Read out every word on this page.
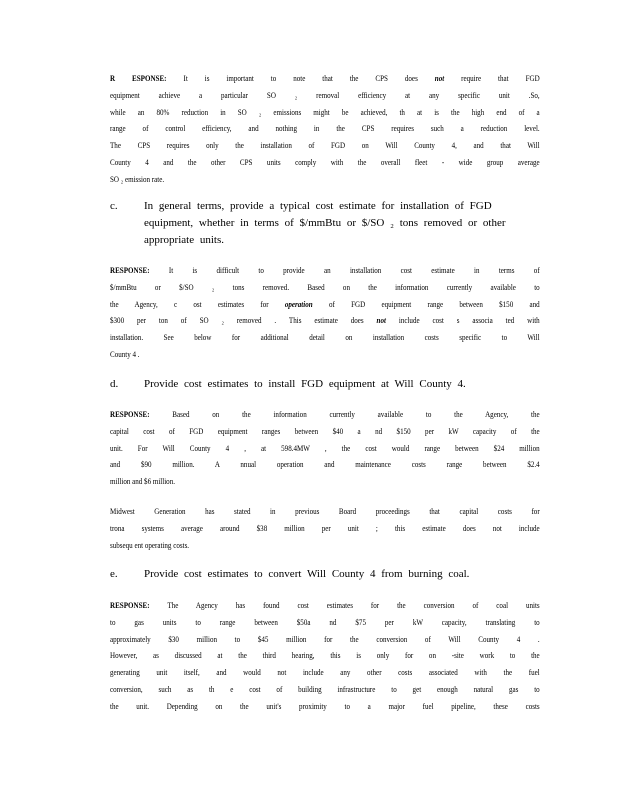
R ESPONSE: It is important to note that the CPS does not require that FGD
equipment achieve a particular SO ₂ removal efficiency at any specific unit .So,
while an 80% reduction in SO ₂ emissions might be achieved, th at is the high end of a
range of control efficiency, and nothing in the CPS requires such a reduction level.
The CPS requires only the installation of FGD on Will County 4, and that Will
County 4 and the other CPS units comply with the overall fleet - wide group average
SO ₂ emission rate.
c. In general terms, provide a typical cost estimate for installation of FGD
equipment, whether in terms of $/mmBtu or $/SO ₂ tons removed or other
appropriate units.
RESPONSE: It is difficult to provide an installation cost estimate in terms of
$/mmBtu or $/SO ₂ tons removed. Based on the information currently available to
the Agency, c ost estimates for operation of FGD equipment range between $150 and
$300 per ton of SO ₂ removed . This estimate does not include cost s associa ted with
installation. See below for additional detail on installation costs specific to Will
County 4 .
d. Provide cost estimates to install FGD equipment at Will County 4.
RESPONSE: Based on the information currently available to the Agency, the
capital cost of FGD equipment ranges between $40 a nd $150 per kW capacity of the
unit. For Will County 4 , at 598.4MW , the cost would range between $24 million
and $90 million. A nnual operation and maintenance costs range between $2.4
million and $6 million.
Midwest Generation has stated in previous Board proceedings that capital costs for
trona systems average around $38 million per unit ; this estimate does not include
subsequ ent operating costs.
e. Provide cost estimates to convert Will County 4 from burning coal.
RESPONSE: The Agency has found cost estimates for the conversion of coal units
to gas units to range between $50a nd $75 per kW capacity, translating to
approximately $30 million to $45 million for the conversion of Will County 4 .
However, as discussed at the third hearing, this is only for on -site work to the
generating unit itself, and would not include any other costs associated with the fuel
conversion, such as th e cost of building infrastructure to get enough natural gas to
the unit. Depending on the unit's proximity to a major fuel pipeline, these costs
